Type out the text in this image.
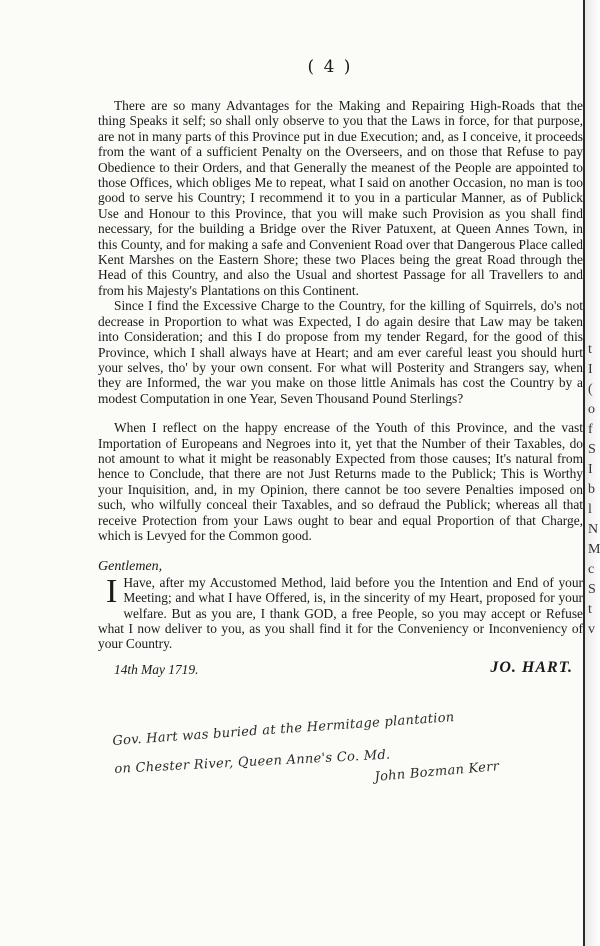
t
I
(
o
f
S
I
b
l
N
M
c
S
t
v
( 4 )

There are so many Advantages for the Making and Repairing High-Roads that the thing Speaks it self; so shall only observe to you that the Laws in force, for that purpose, are not in many parts of this Province put in due Execution; and, as I conceive, it proceeds from the want of a sufficient Penalty on the Overseers, and on those that Refuse to pay Obedience to their Orders, and that Generally the meanest of the People are appointed to those Offices, which obliges Me to repeat, what I said on another Occasion, no man is too good to serve his Country; I recommend it to you in a particular Manner, as of Publick Use and Honour to this Province, that you will make such Provision as you shall find necessary, for the building a Bridge over the River Patuxent, at Queen Annes Town, in this County, and for making a safe and Convenient Road over that Dangerous Place called Kent Marshes on the Eastern Shore; these two Places being the great Road through the Head of this Country, and also the Usual and shortest Passage for all Travellers to and from his Majesty's Plantations on this Continent.

Since I find the Excessive Charge to the Country, for the killing of Squirrels, do's not decrease in Proportion to what was Expected, I do again desire that Law may be taken into Consideration; and this I do propose from my tender Regard, for the good of this Province, which I shall always have at Heart; and am ever careful least you should hurt your selves, tho' by your own consent. For what will Posterity and Strangers say, when they are Informed, the war you make on those little Animals has cost the Country by a modest Computation in one Year, Seven Thousand Pound Sterlings?

When I reflect on the happy encrease of the Youth of this Province, and the vast Importation of Europeans and Negroes into it, yet that the Number of their Taxables, do not amount to what it might be reasonably Expected from those causes; It's natural from hence to Conclude, that there are not Just Returns made to the Publick; This is Worthy your Inquisition, and, in my Opinion, there cannot be too severe Penalties imposed on such, who wilfully conceal their Taxables, and so defraud the Publick; whereas all that receive Protection from your Laws ought to bear and equal Proportion of that Charge, which is Levyed for the Common good.

Gentlemen,

I Have, after my Accustomed Method, laid before you the Intention and End of your Meeting; and what I have Offered, is, in the sincerity of my Heart, proposed for your welfare. But as you are, I thank GOD, a free People, so you may accept or Refuse what I now deliver to you, as you shall find it for the Conveniency or Inconveniency of your Country.

14th May 1719.	JO. HART.
Gov. Hart was buried at the Hermitage plantation
on Chester River, Queen Anne's Co. Md.
John Bozman Kerr
